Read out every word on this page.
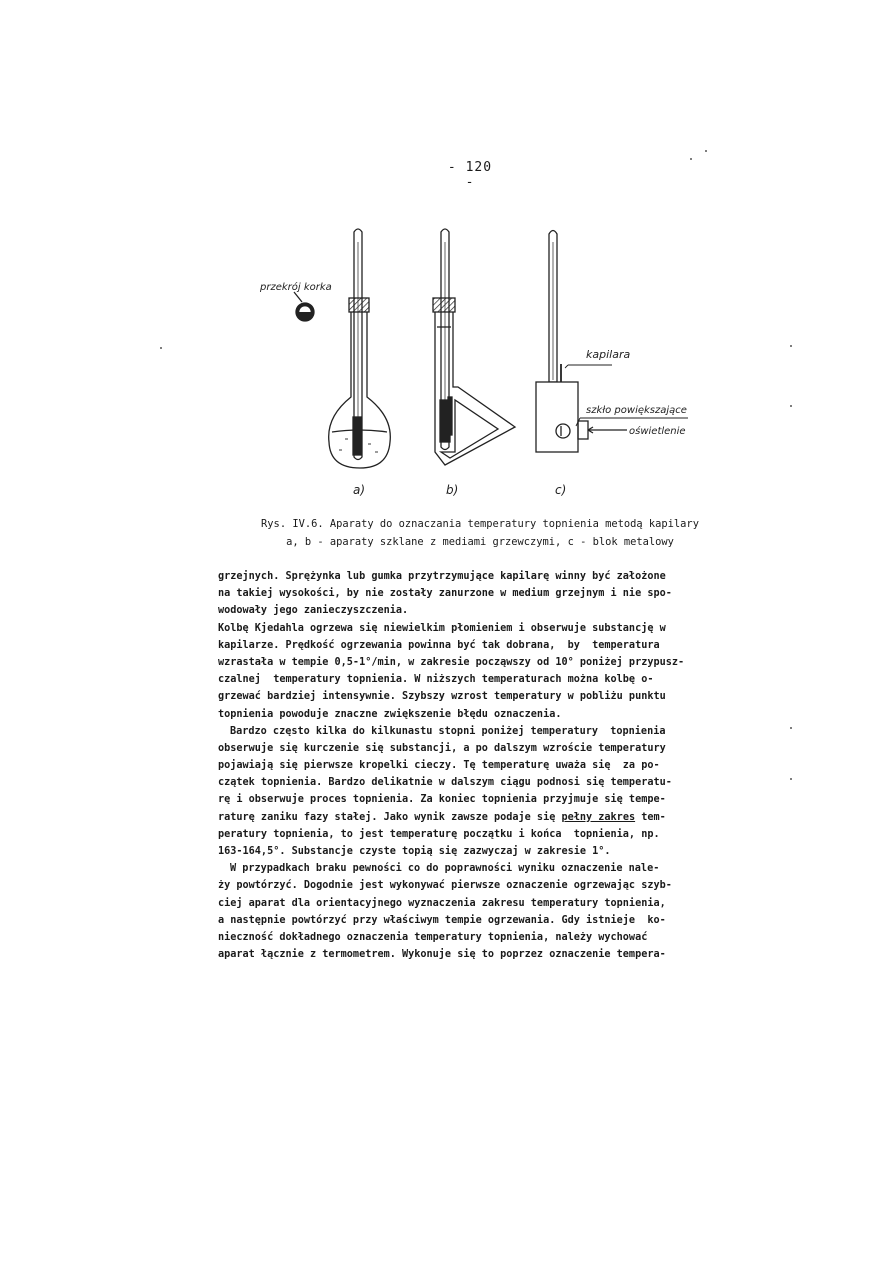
- 120 -
przekrój korka
kapilara
szkło powiększające
oświetlenie
a)	b)	c)
Rys. IV.6. Aparaty do oznaczania temperatury topnienia metodą kapilary
a, b - aparaty szklane z mediami grzewczymi, c - blok metalowy
grzejnych. Sprężynka lub gumka przytrzymujące kapilarę winny być założone
na takiej wysokości, by nie zostały zanurzone w medium grzejnym i nie spo-
wodowały jego zanieczyszczenia.
Kolbę Kjedahla ogrzewa się niewielkim płomieniem i obserwuje substancję w
kapilarze. Prędkość ogrzewania powinna być tak dobrana,  by  temperatura
wzrastała w tempie 0,5-1°/min, w zakresie począwszy od 10° poniżej przypusz-
czalnej  temperatury topnienia. W niższych temperaturach można kolbę o-
grzewać bardziej intensywnie. Szybszy wzrost temperatury w pobliżu punktu
topnienia powoduje znaczne zwiększenie błędu oznaczenia.
Bardzo często kilka do kilkunastu stopni poniżej temperatury  topnienia
obserwuje się kurczenie się substancji, a po dalszym wzroście temperatury
pojawiają się pierwsze kropelki cieczy. Tę temperaturę uważa się  za po-
czątek topnienia. Bardzo delikatnie w dalszym ciągu podnosi się temperatu-
rę i obserwuje proces topnienia. Za koniec topnienia przyjmuje się tempe-
raturę zaniku fazy stałej. Jako wynik zawsze podaje się pełny zakres tem-
peratury topnienia, to jest temperaturę początku i końca  topnienia, np.
163-164,5°. Substancje czyste topią się zazwyczaj w zakresie 1°.
W przypadkach braku pewności co do poprawności wyniku oznaczenie nale-
ży powtórzyć. Dogodnie jest wykonywać pierwsze oznaczenie ogrzewając szyb-
ciej aparat dla orientacyjnego wyznaczenia zakresu temperatury topnienia,
a następnie powtórzyć przy właściwym tempie ogrzewania. Gdy istnieje  ko-
nieczność dokładnego oznaczenia temperatury topnienia, należy wychować
aparat łącznie z termometrem. Wykonuje się to poprzez oznaczenie tempera-
